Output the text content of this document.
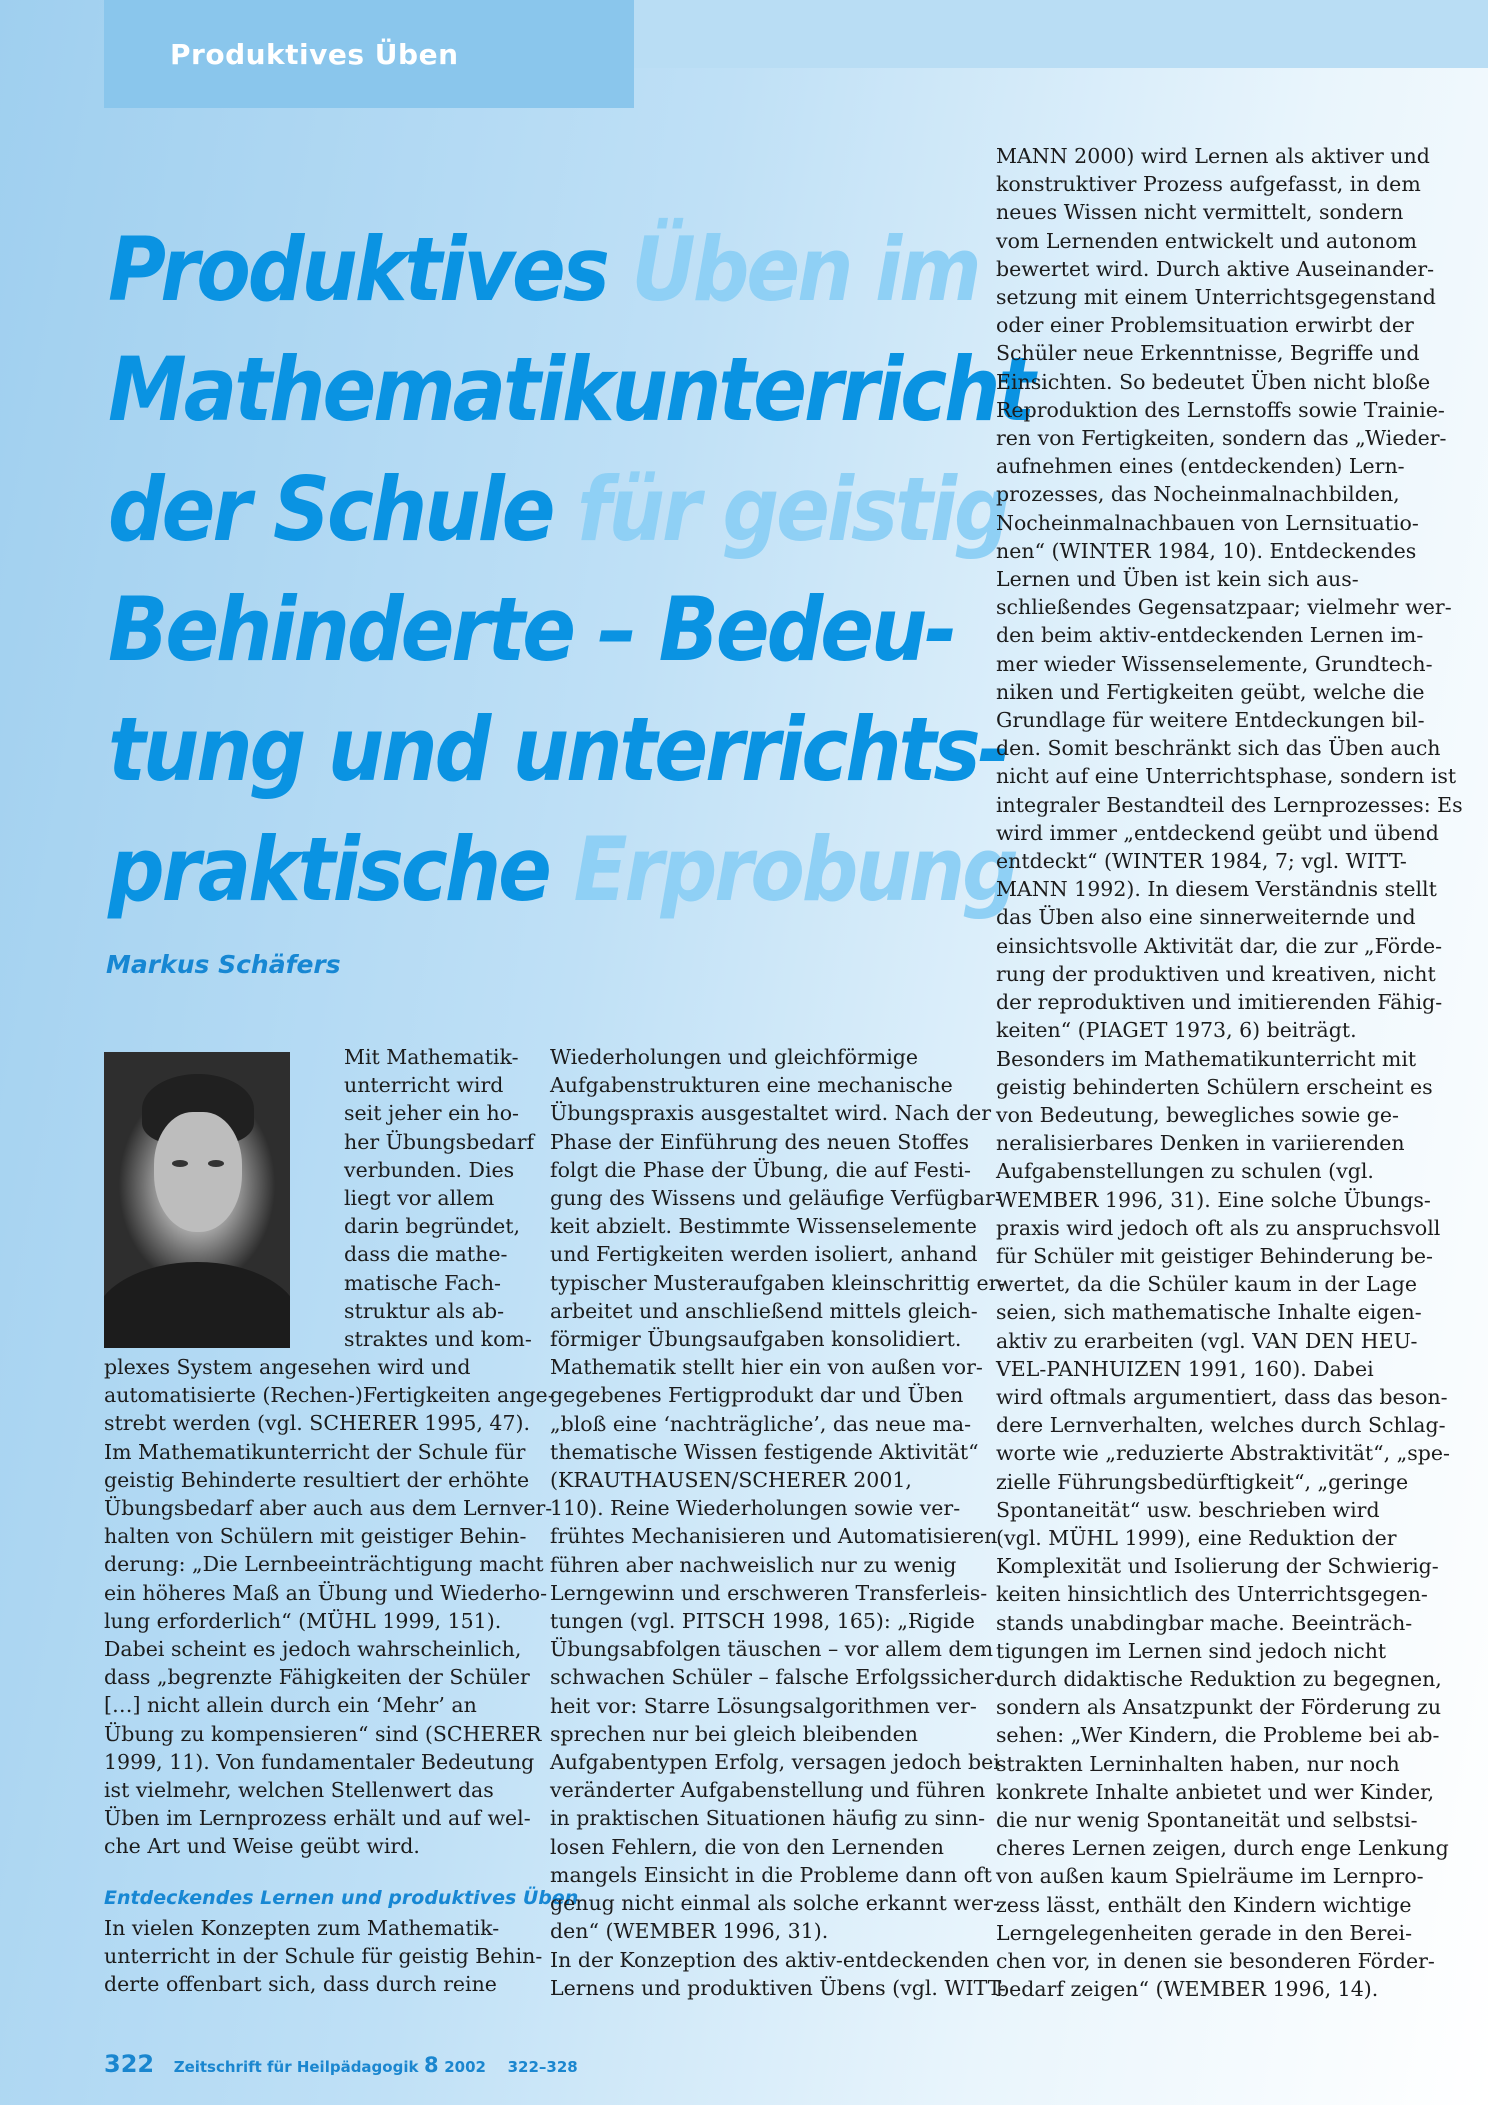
Produktives Üben
Produktives Üben im
Mathematikunterricht
der Schule für geistig
Behinderte – Bedeu-
tung und unterrichts-
praktische Erprobung
Markus Schäfers

Mit Mathematik-

unterricht wird

seit jeher ein ho-

her Übungsbedarf

verbunden. Dies

liegt vor allem

darin begründet,

dass die mathe-

matische Fach-

struktur als ab-

straktes und kom-

plexes System angesehen wird und

automatisierte (Rechen-)Fertigkeiten ange-

strebt werden (vgl. SCHERER 1995, 47).

Im Mathematikunterricht der Schule für

geistig Behinderte resultiert der erhöhte

Übungsbedarf aber auch aus dem Lernver-

halten von Schülern mit geistiger Behin-

derung: „Die Lernbeeinträchtigung macht

ein höheres Maß an Übung und Wiederho-

lung erforderlich“ (MÜHL 1999, 151).

Dabei scheint es jedoch wahrscheinlich,

dass „begrenzte Fähigkeiten der Schüler

[…] nicht allein durch ein ‘Mehr’ an

Übung zu kompensieren“ sind (SCHERER

1999, 11). Von fundamentaler Bedeutung

ist vielmehr, welchen Stellenwert das

Üben im Lernprozess erhält und auf wel-

che Art und Weise geübt wird.

Entdeckendes Lernen und produktives Üben

In vielen Konzepten zum Mathematik-

unterricht in der Schule für geistig Behin-

derte offenbart sich, dass durch reine

Wiederholungen und gleichförmige

Aufgabenstrukturen eine mechanische

Übungspraxis ausgestaltet wird. Nach der

Phase der Einführung des neuen Stoffes

folgt die Phase der Übung, die auf Festi-

gung des Wissens und geläufige Verfügbar-

keit abzielt. Bestimmte Wissenselemente

und Fertigkeiten werden isoliert, anhand

typischer Musteraufgaben kleinschrittig er-

arbeitet und anschließend mittels gleich-

förmiger Übungsaufgaben konsolidiert.

Mathematik stellt hier ein von außen vor-

gegebenes Fertigprodukt dar und Üben

„bloß eine ‘nachträgliche’, das neue ma-

thematische Wissen festigende Aktivität“

(KRAUTHAUSEN/SCHERER 2001,

110). Reine Wiederholungen sowie ver-

frühtes Mechanisieren und Automatisieren

führen aber nachweislich nur zu wenig

Lerngewinn und erschweren Transferleis-

tungen (vgl. PITSCH 1998, 165): „Rigide

Übungsabfolgen täuschen – vor allem dem

schwachen Schüler – falsche Erfolgssicher-

heit vor: Starre Lösungsalgorithmen ver-

sprechen nur bei gleich bleibenden

Aufgabentypen Erfolg, versagen jedoch bei

veränderter Aufgabenstellung und führen

in praktischen Situationen häufig zu sinn-

losen Fehlern, die von den Lernenden

mangels Einsicht in die Probleme dann oft

genug nicht einmal als solche erkannt wer-

den“ (WEMBER 1996, 31).

In der Konzeption des aktiv-entdeckenden

Lernens und produktiven Übens (vgl. WITT-

MANN 2000) wird Lernen als aktiver und

konstruktiver Prozess aufgefasst, in dem

neues Wissen nicht vermittelt, sondern

vom Lernenden entwickelt und autonom

bewertet wird. Durch aktive Auseinander-

setzung mit einem Unterrichtsgegenstand

oder einer Problemsituation erwirbt der

Schüler neue Erkenntnisse, Begriffe und

Einsichten. So bedeutet Üben nicht bloße

Reproduktion des Lernstoffs sowie Trainie-

ren von Fertigkeiten, sondern das „Wieder-

aufnehmen eines (entdeckenden) Lern-

prozesses, das Nocheinmalnachbilden,

Nocheinmalnachbauen von Lernsituatio-

nen“ (WINTER 1984, 10). Entdeckendes

Lernen und Üben ist kein sich aus-

schließendes Gegensatzpaar; vielmehr wer-

den beim aktiv-entdeckenden Lernen im-

mer wieder Wissenselemente, Grundtech-

niken und Fertigkeiten geübt, welche die

Grundlage für weitere Entdeckungen bil-

den. Somit beschränkt sich das Üben auch

nicht auf eine Unterrichtsphase, sondern ist

integraler Bestandteil des Lernprozesses: Es

wird immer „entdeckend geübt und übend

entdeckt“ (WINTER 1984, 7; vgl. WITT-

MANN 1992). In diesem Verständnis stellt

das Üben also eine sinnerweiternde und

einsichtsvolle Aktivität dar, die zur „Förde-

rung der produktiven und kreativen, nicht

der reproduktiven und imitierenden Fähig-

keiten“ (PIAGET 1973, 6) beiträgt.

Besonders im Mathematikunterricht mit

geistig behinderten Schülern erscheint es

von Bedeutung, bewegliches sowie ge-

neralisierbares Denken in variierenden

Aufgabenstellungen zu schulen (vgl.

WEMBER 1996, 31). Eine solche Übungs-

praxis wird jedoch oft als zu anspruchsvoll

für Schüler mit geistiger Behinderung be-

wertet, da die Schüler kaum in der Lage

seien, sich mathematische Inhalte eigen-

aktiv zu erarbeiten (vgl. VAN DEN HEU-

VEL-PANHUIZEN 1991, 160). Dabei

wird oftmals argumentiert, dass das beson-

dere Lernverhalten, welches durch Schlag-

worte wie „reduzierte Abstraktivität“, „spe-

zielle Führungsbedürftigkeit“, „geringe

Spontaneität“ usw. beschrieben wird

(vgl. MÜHL 1999), eine Reduktion der

Komplexität und Isolierung der Schwierig-

keiten hinsichtlich des Unterrichtsgegen-

stands unabdingbar mache. Beeinträch-

tigungen im Lernen sind jedoch nicht

durch didaktische Reduktion zu begegnen,

sondern als Ansatzpunkt der Förderung zu

sehen: „Wer Kindern, die Probleme bei ab-

strakten Lerninhalten haben, nur noch

konkrete Inhalte anbietet und wer Kinder,

die nur wenig Spontaneität und selbstsi-

cheres Lernen zeigen, durch enge Lenkung

von außen kaum Spielräume im Lernpro-

zess lässt, enthält den Kindern wichtige

Lerngelegenheiten gerade in den Berei-

chen vor, in denen sie besonderen Förder-

bedarf zeigen“ (WEMBER 1996, 14).

322 Zeitschrift für Heilpädagogik 8 2002 322–328
